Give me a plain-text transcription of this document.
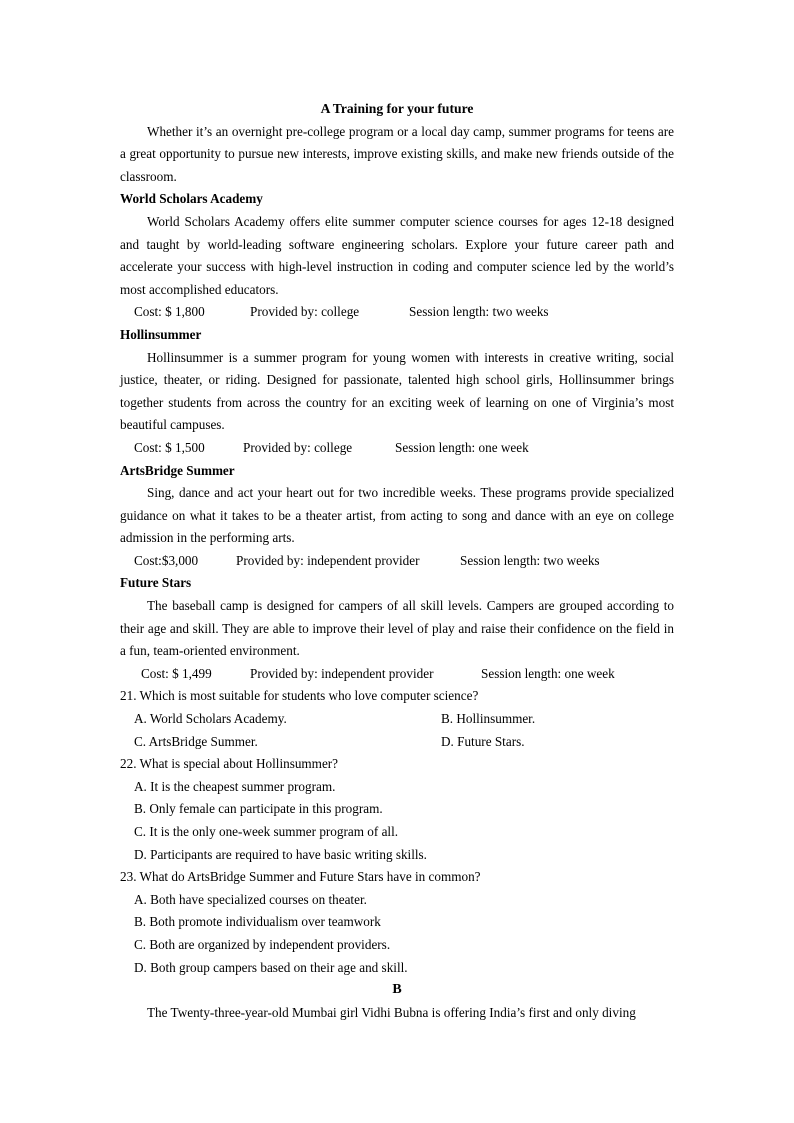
A Training for your future

Whether it’s an overnight pre-college program or a local day camp, summer programs for teens are a great opportunity to pursue new interests, improve existing skills, and make new friends outside of the classroom.

World Scholars Academy

World Scholars Academy offers elite summer computer science courses for ages 12-18 designed and taught by world-leading software engineering scholars. Explore your future career path and accelerate your success with high-level instruction in coding and computer science led by the world’s most accomplished educators.

Cost: $ 1,800	Provided by: college	Session length: two weeks

Hollinsummer

Hollinsummer is a summer program for young women with interests in creative writing, social justice, theater, or riding. Designed for passionate, talented high school girls, Hollinsummer brings together students from across the country for an exciting week of learning on one of Virginia’s most beautiful campuses.

Cost: $ 1,500	Provided by: college	Session length: one week

ArtsBridge Summer

Sing, dance and act your heart out for two incredible weeks. These programs provide specialized guidance on what it takes to be a theater artist, from acting to song and dance with an eye on college admission in the performing arts.

Cost:$3,000	Provided by: independent provider	Session length: two weeks

Future Stars

The baseball camp is designed for campers of all skill levels. Campers are grouped according to their age and skill. They are able to improve their level of play and raise their confidence on the field in a fun, team-oriented environment.

Cost: $ 1,499	Provided by: independent provider	Session length: one week

21. Which is most suitable for students who love computer science?

A. World Scholars Academy.	B. Hollinsummer.
C. ArtsBridge Summer.	D. Future Stars.

22. What is special about Hollinsummer?

A. It is the cheapest summer program.

B. Only female can participate in this program.

C. It is the only one-week summer program of all.

D. Participants are required to have basic writing skills.

23. What do ArtsBridge Summer and Future Stars have in common?

A. Both have specialized courses on theater.

B. Both promote individualism over teamwork

C. Both are organized by independent providers.

D. Both group campers based on their age and skill.

B

The Twenty-three-year-old Mumbai girl Vidhi Bubna is offering India’s first and only diving
